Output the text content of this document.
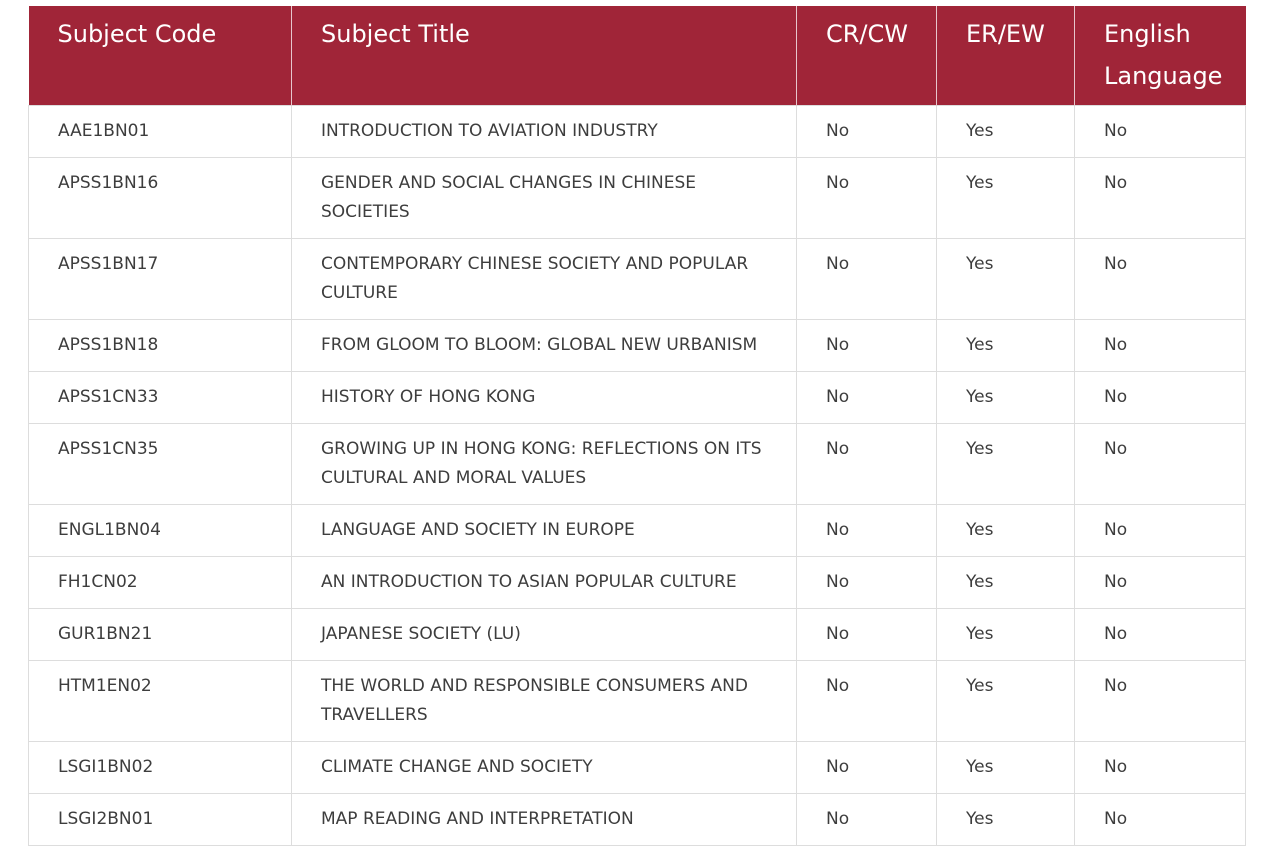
Subject Code	Subject Title	CR/CW	ER/EW	English Language
AAE1BN01	INTRODUCTION TO AVIATION INDUSTRY	No	Yes	No
APSS1BN16	GENDER AND SOCIAL CHANGES IN CHINESE SOCIETIES	No	Yes	No
APSS1BN17	CONTEMPORARY CHINESE SOCIETY AND POPULAR CULTURE	No	Yes	No
APSS1BN18	FROM GLOOM TO BLOOM: GLOBAL NEW URBANISM	No	Yes	No
APSS1CN33	HISTORY OF HONG KONG	No	Yes	No
APSS1CN35	GROWING UP IN HONG KONG: REFLECTIONS ON ITS CULTURAL AND MORAL VALUES	No	Yes	No
ENGL1BN04	LANGUAGE AND SOCIETY IN EUROPE	No	Yes	No
FH1CN02	AN INTRODUCTION TO ASIAN POPULAR CULTURE	No	Yes	No
GUR1BN21	JAPANESE SOCIETY (LU)	No	Yes	No
HTM1EN02	THE WORLD AND RESPONSIBLE CONSUMERS AND TRAVELLERS	No	Yes	No
LSGI1BN02	CLIMATE CHANGE AND SOCIETY	No	Yes	No
LSGI2BN01	MAP READING AND INTERPRETATION	No	Yes	No
